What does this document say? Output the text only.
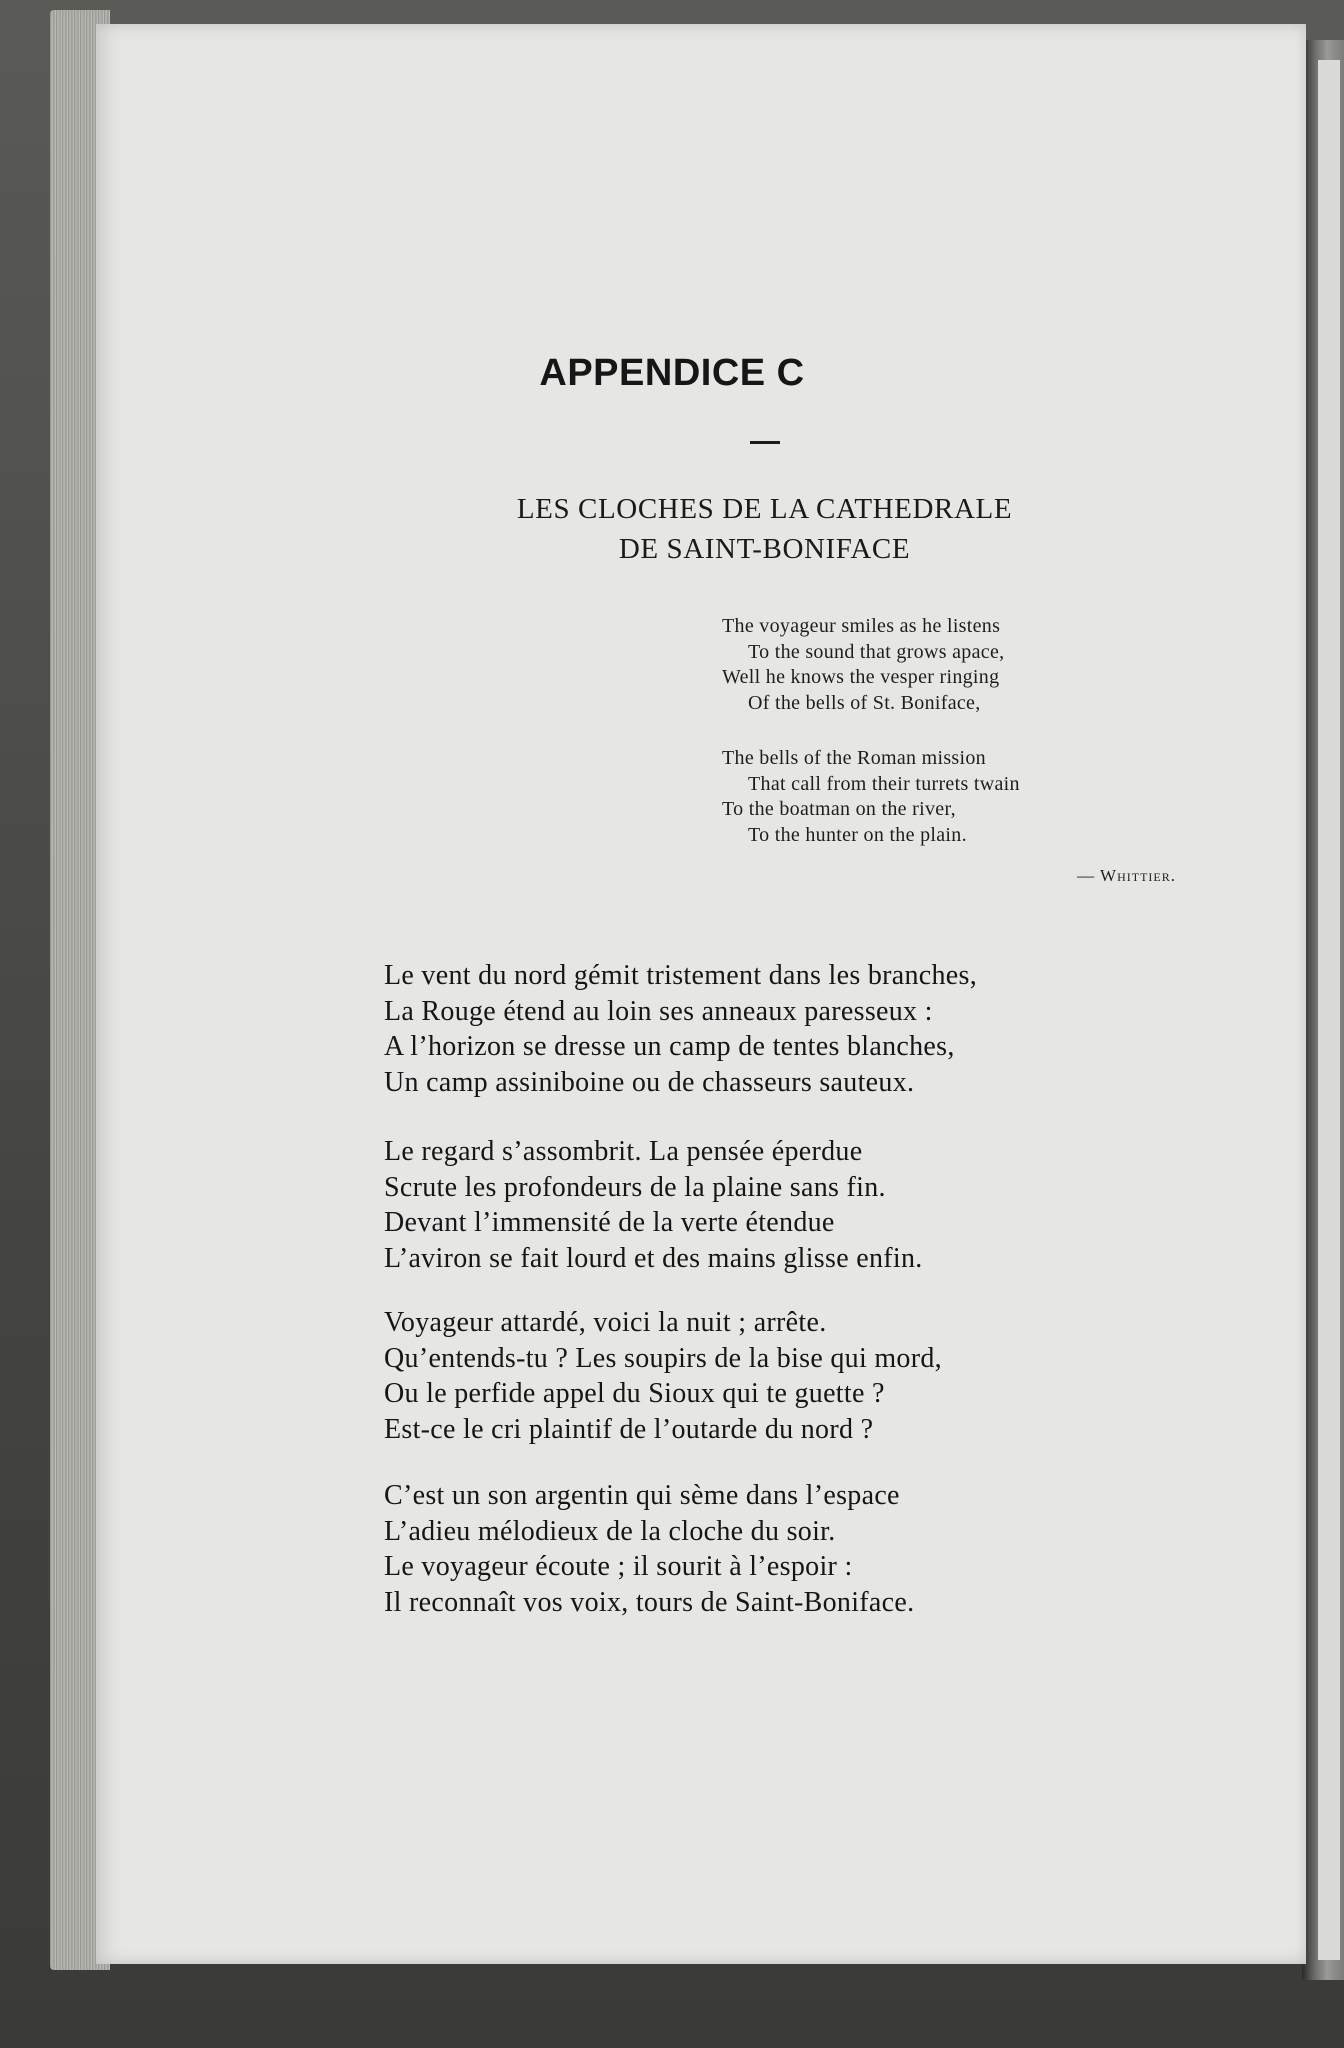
APPENDICE C
LES CLOCHES DE LA CATHEDRALE
DE SAINT-BONIFACE
The voyageur smiles as he listens
To the sound that grows apace,
Well he knows the vesper ringing
Of the bells of St. Boniface,
The bells of the Roman mission
That call from their turrets twain
To the boatman on the river,
To the hunter on the plain.
— Whittier.
Le vent du nord gémit tristement dans les branches,
La Rouge étend au loin ses anneaux paresseux :
A l’horizon se dresse un camp de tentes blanches,
Un camp assiniboine ou de chasseurs sauteux.
Le regard s’assombrit. La pensée éperdue
Scrute les profondeurs de la plaine sans fin.
Devant l’immensité de la verte étendue
L’aviron se fait lourd et des mains glisse enfin.
Voyageur attardé, voici la nuit ; arrête.
Qu’entends-tu ? Les soupirs de la bise qui mord,
Ou le perfide appel du Sioux qui te guette ?
Est-ce le cri plaintif de l’outarde du nord ?
C’est un son argentin qui sème dans l’espace
L’adieu mélodieux de la cloche du soir.
Le voyageur écoute ; il sourit à l’espoir :
Il reconnaît vos voix, tours de Saint-Boniface.
